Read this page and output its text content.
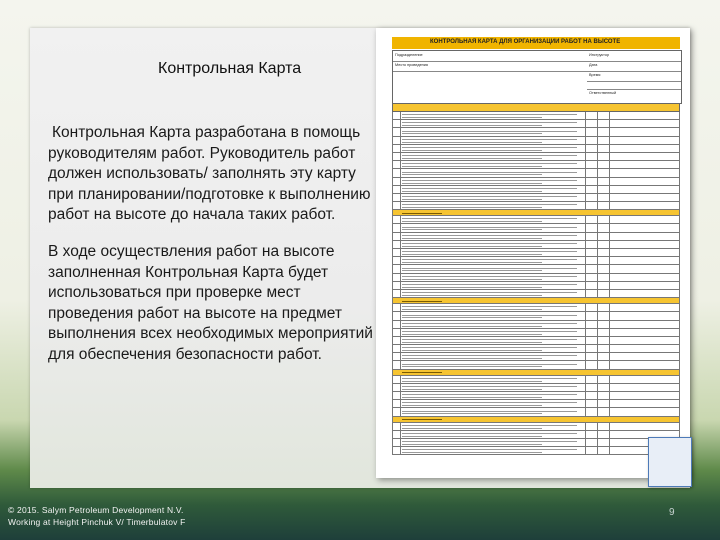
Контрольная Карта
Контрольная Карта разработана в помощь руководителям работ. Руководитель работ должен использовать/ заполнять эту карту при планировании/подготовке к выполнению работ на высоте до начала таких работ.
В ходе осуществления работ на высоте заполненная Контрольная Карта будет использоваться при проверке мест проведения работ на высоте на предмет выполнения всех необходимых мероприятий для обеспечения безопасности работ.
КОНТРОЛЬНАЯ КАРТА ДЛЯ ОРГАНИЗАЦИИ РАБОТ НА ВЫСОТЕ
Подразделение
Место проведения
Инструктор
Дата
Время
Ответственный
© 2015. Salym Petroleum Development N.V.
Working at Height Pinchuk V/ Timerbulatov F
9
